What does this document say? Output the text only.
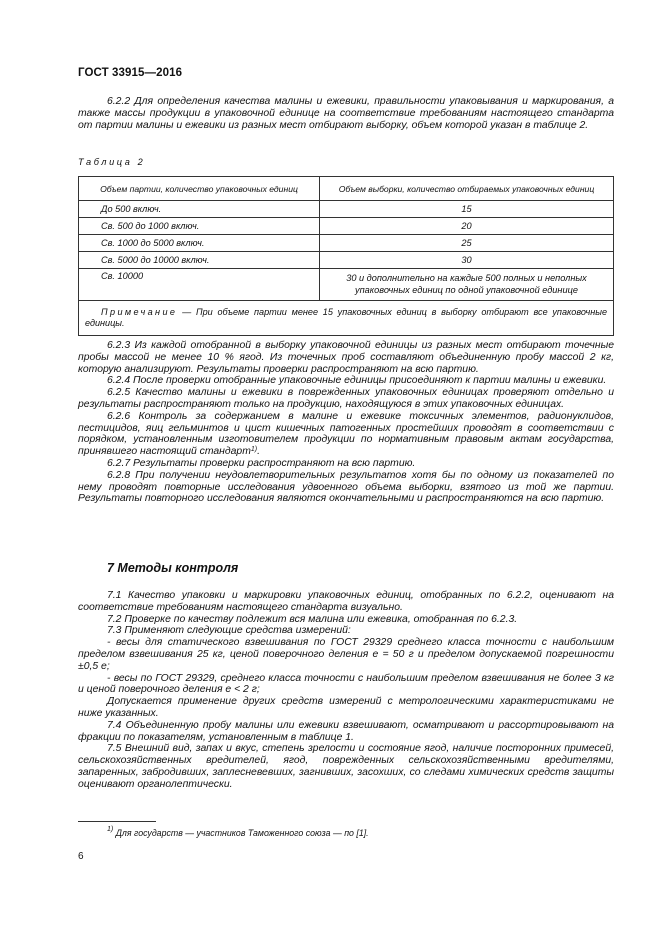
ГОСТ 33915—2016

6.2.2 Для определения качества малины и ежевики, правильности упаковывания и маркирования, а также массы продукции в упаковочной единице на соответствие требованиям настоящего стандарта от партии малины и ежевики из разных мест отбирают выборку, объем которой указан в таблице 2.

Таблица 2
Объем партии, количество упаковочных единиц	Объем выборки, количество отбираемых упаковочных единиц
До 500 включ.	15
Св. 500 до 1000 включ.	20
Св. 1000 до 5000 включ.	25
Св. 5000 до 10000 включ.	30
Св. 10000	30 и дополнительно на каждые 500 полных и неполных упаковочных единиц по одной упаковочной единице
Примечание — При объеме партии менее 15 упаковочных единиц в выборку отбирают все упаковочные единицы.	

6.2.3 Из каждой отобранной в выборку упаковочной единицы из разных мест отбирают точечные пробы массой не менее 10 % ягод. Из точечных проб составляют объединенную пробу массой 2 кг, которую анализируют. Результаты проверки распространяют на всю партию.

6.2.4 После проверки отобранные упаковочные единицы присоединяют к партии малины и ежевики.

6.2.5 Качество малины и ежевики в поврежденных упаковочных единицах проверяют отдельно и результаты распространяют только на продукцию, находящуюся в этих упаковочных единицах.

6.2.6 Контроль за содержанием в малине и ежевике токсичных элементов, радионуклидов, пестицидов, яиц гельминтов и цист кишечных патогенных простейших проводят в соответствии с порядком, установленным изготовителем продукции по нормативным правовым актам государства, принявшего настоящий стандарт$^{1)}$.

6.2.7 Результаты проверки распространяют на всю партию.

6.2.8 При получении неудовлетворительных результатов хотя бы по одному из показателей по нему проводят повторные исследования удвоенного объема выборки, взятого из той же партии. Результаты повторного исследования являются окончательными и распространяются на всю партию.

7 Методы контроля

7.1 Качество упаковки и маркировки упаковочных единиц, отобранных по 6.2.2, оценивают на соответствие требованиям настоящего стандарта визуально.

7.2 Проверке по качеству подлежит вся малина или ежевика, отобранная по 6.2.3.

7.3 Применяют следующие средства измерений:

- весы для статического взвешивания по ГОСТ 29329 среднего класса точности с наибольшим пределом взвешивания 25 кг, ценой поверочного деления e = 50 г и пределом допускаемой погрешности ±0,5 e;

- весы по ГОСТ 29329, среднего класса точности с наибольшим пределом взвешивания не более 3 кг и ценой поверочного деления e < 2 г;

Допускается применение других средств измерений с метрологическими характеристиками не ниже указанных.

7.4 Объединенную пробу малины или ежевики взвешивают, осматривают и рассортировывают на фракции по показателям, установленным в таблице 1.

7.5 Внешний вид, запах и вкус, степень зрелости и состояние ягод, наличие посторонних примесей, сельскохозяйственных вредителей, ягод, поврежденных сельскохозяйственными вредителями, запаренных, забродивших, заплесневевших, загнивших, засохших, со следами химических средств защиты оценивают органолептически.

$^{1)}$ Для государств — участников Таможенного союза — по [1].
6
